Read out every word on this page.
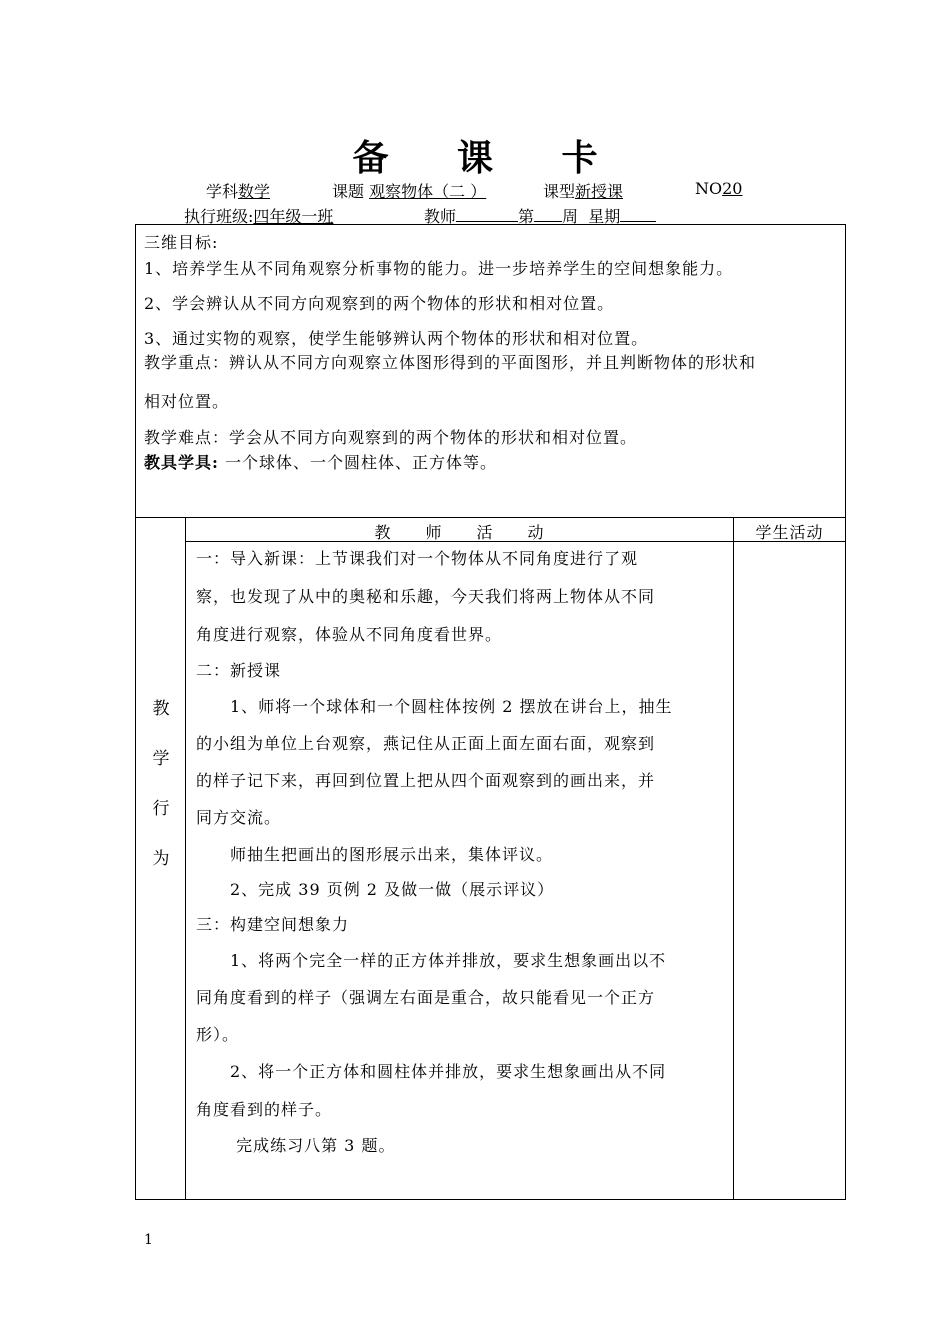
备 课 卡
学科数学	课题 观察物体（二 ）	课型新授课	NO20
执行班级:四年级一班	教师	第 周 星期
三维目标:
1、培养学生从不同角观察分析事物的能力。进一步培养学生的空间想象能力。
2、学会辨认从不同方向观察到的两个物体的形状和相对位置。
3、通过实物的观察，使学生能够辨认两个物体的形状和相对位置。
教学重点：辨认从不同方向观察立体图形得到的平面图形，并且判断物体的形状和
相对位置。
教学难点：学会从不同方向观察到的两个物体的形状和相对位置。
教具学具: 一个球体、一个圆柱体、正方体等。
教　　师　　活　　动	学生活动
教
学
行
为
一：导入新课：上节课我们对一个物体从不同角度进行了观
察，也发现了从中的奥秘和乐趣，今天我们将两上物体从不同
角度进行观察，体验从不同角度看世界。
二：新授课
　　1、师将一个球体和一个圆柱体按例 2 摆放在讲台上，抽生
的小组为单位上台观察，燕记住从正面上面左面右面，观察到
的样子记下来，再回到位置上把从四个面观察到的画出来，并
同方交流。
　　师抽生把画出的图形展示出来，集体评议。
　　2、完成 39 页例 2 及做一做（展示评议）
三：构建空间想象力
　　1、将两个完全一样的正方体并排放，要求生想象画出以不
同角度看到的样子（强调左右面是重合，故只能看见一个正方
形）。
　　2、将一个正方体和圆柱体并排放，要求生想象画出从不同
角度看到的样子。
　　 完成练习八第 3 题。
1
